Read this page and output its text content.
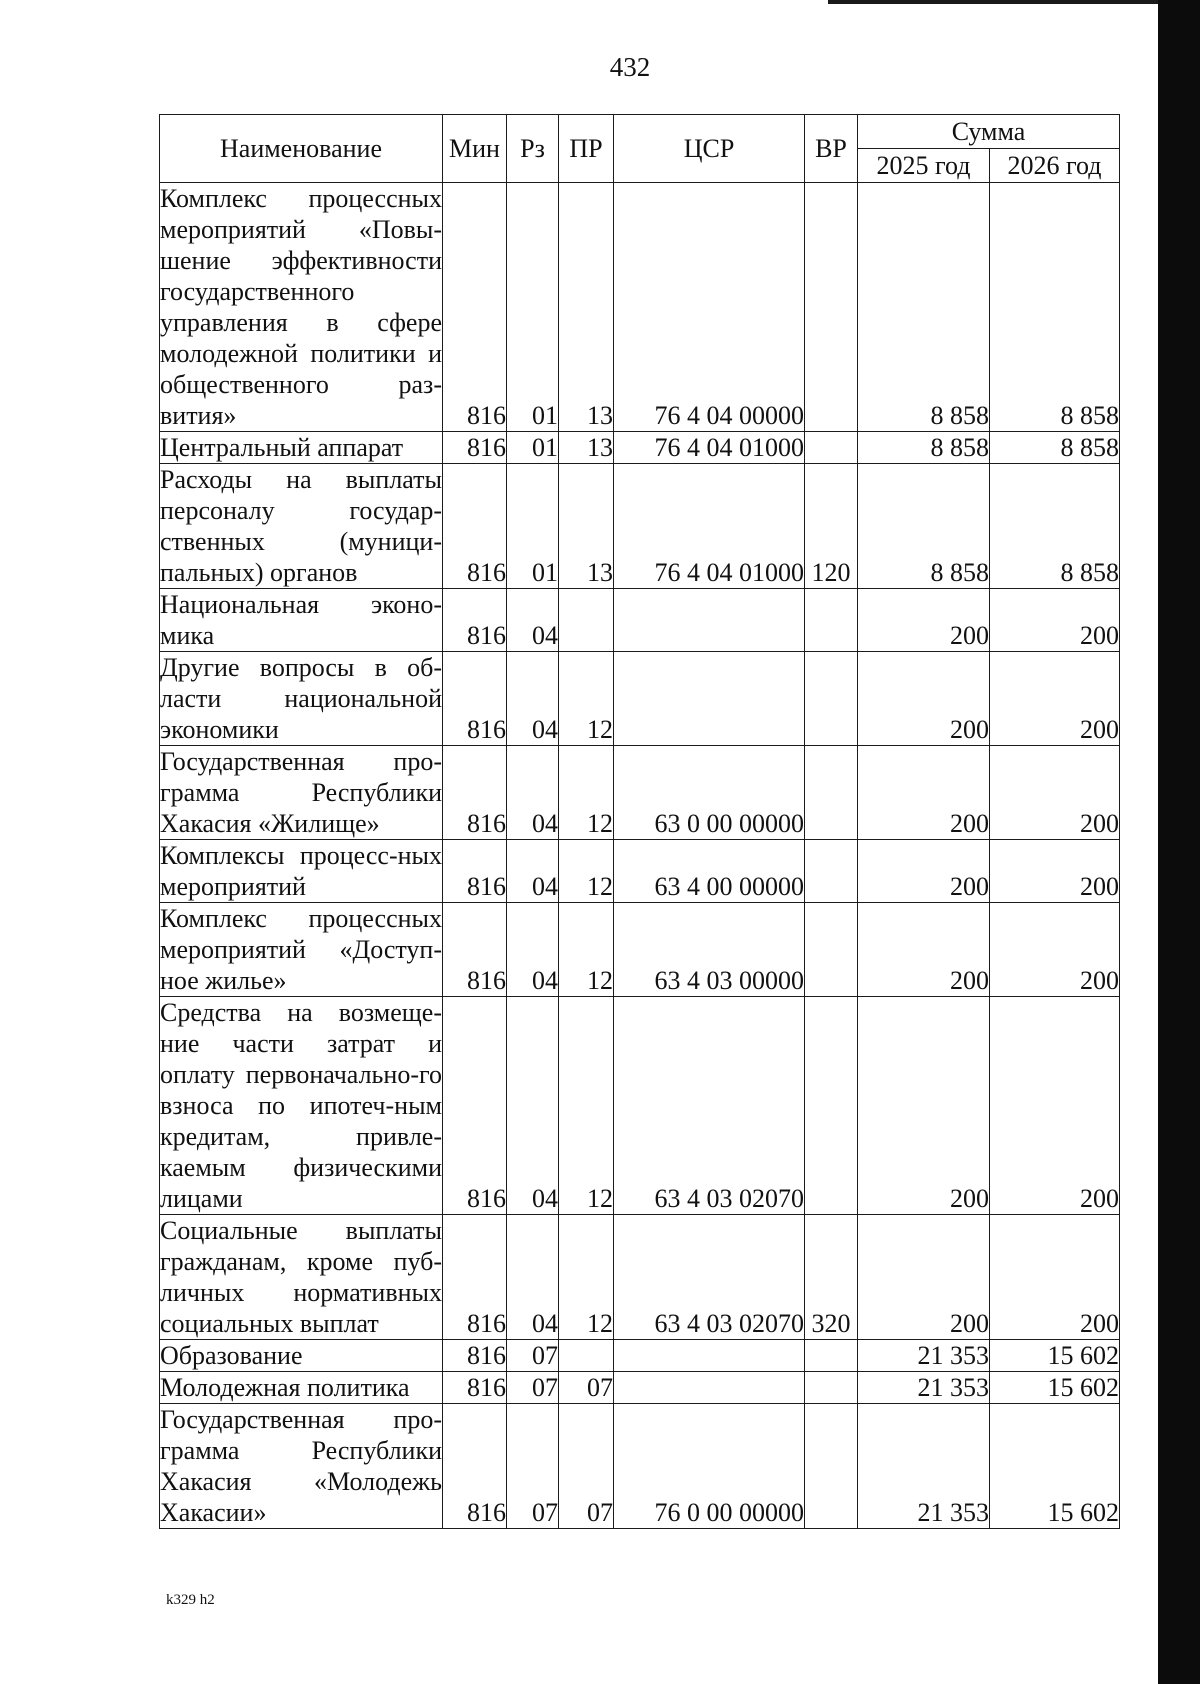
432
Наименование	Мин	Рз	ПР	ЦСР	ВР	Сумма	
						2025 год	2026 год
Комплекс процессных мероприятий «Повы-шение эффективности государственного управления в сфере молодежной политики и общественного раз-вития»	816	01	13	76 4 04 00000		8 858	8 858
Центральный аппарат	816	01	13	76 4 04 01000		8 858	8 858
Расходы на выплаты персоналу государ-ственных (муници-пальных) органов	816	01	13	76 4 04 01000	120	8 858	8 858
Национальная эконо-мика	816	04				200	200
Другие вопросы в об-ласти национальной экономики	816	04	12			200	200
Государственная про-грамма Республики Хакасия «Жилище»	816	04	12	63 0 00 00000		200	200
Комплексы процесс-ных мероприятий	816	04	12	63 4 00 00000		200	200
Комплекс процессных мероприятий «Доступ-ное жилье»	816	04	12	63 4 03 00000		200	200
Средства на возмеще-ние части затрат и оплату первоначально-го взноса по ипотеч-ным кредитам, привле-каемым физическими лицами	816	04	12	63 4 03 02070		200	200
Социальные выплаты гражданам, кроме пуб-личных нормативных социальных выплат	816	04	12	63 4 03 02070	320	200	200
Образование	816	07				21 353	15 602
Молодежная политика	816	07	07			21 353	15 602
Государственная про-грамма Республики Хакасия «Молодежь Хакасии»	816	07	07	76 0 00 00000		21 353	15 602
k329 h2
